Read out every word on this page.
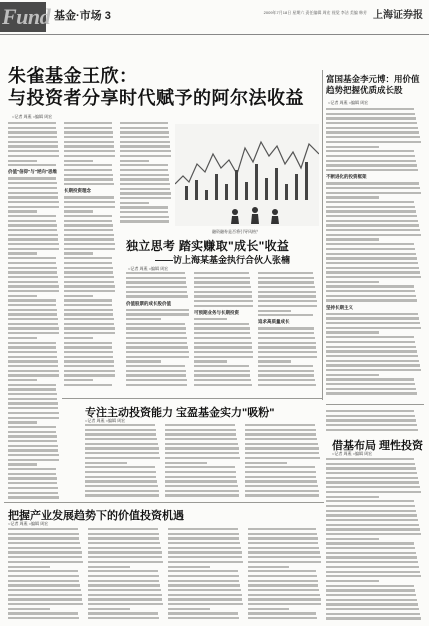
Fund 基金·市场 3	2009年7月18日 星期六 责任编辑 周宏 视觉 李洁 美编 韩芳 上海证券报
朱雀基金王欣：
与投资者分享时代赋予的阿尔法收益
○记者 周燕 ○编辑 周宏
富国基金李元博：用价值趋势把握优质成长股
○记者 周燕 ○编辑 周宏
价值"信仰"与"逆向"思维
长期投资理念
融资融券是否将引导风格？
独立思考 踏实赚取"成长"收益
——访上海某基金执行合伙人张楠
○记者 周燕 ○编辑 周宏
价值股票的成长股价值
可预期业务与长期投资
追求高质量成长
不断进化的投资框架
坚持长期主义
专注主动投资能力 宝盈基金实力"吸粉"
○记者 周燕 ○编辑 周宏
借基布局 理性投资
○记者 周燕 ○编辑 周宏
把握产业发展趋势下的价值投资机遇
○记者 周燕 ○编辑 周宏
